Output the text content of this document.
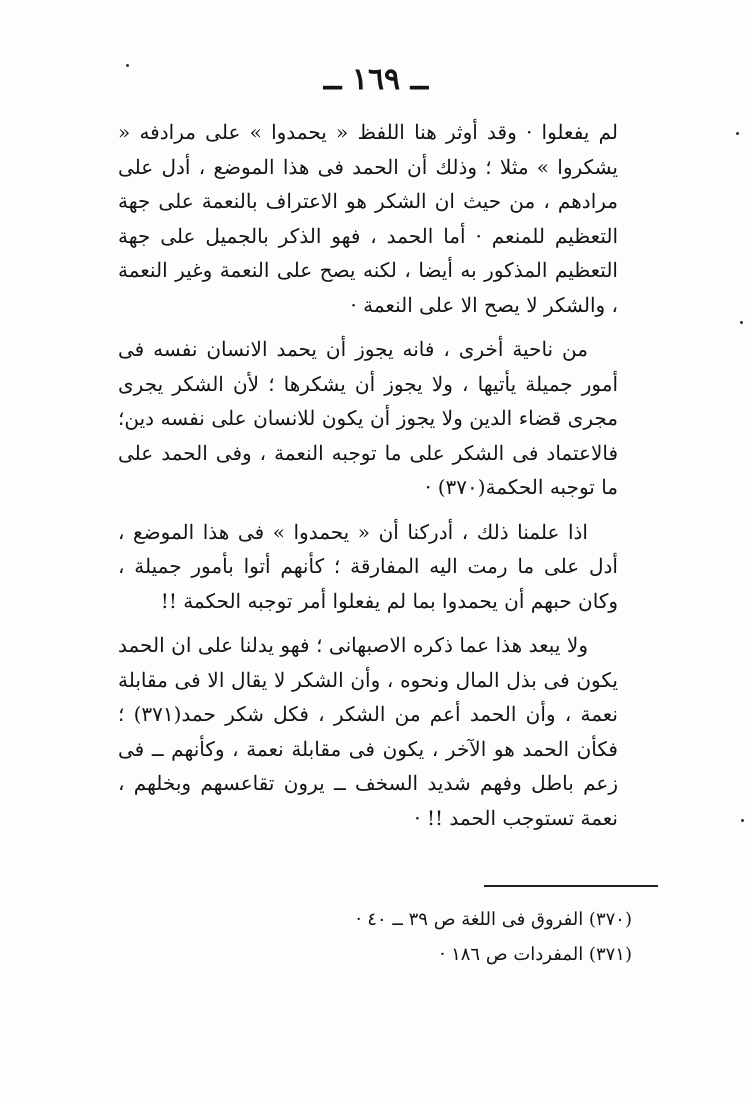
ــ ١٦٩ ــ

لم يفعلوا · وقد أوثر هنا اللفظ « يحمدوا » على مرادفه « يشكروا » مثلا ؛ وذلك أن الحمد فى هذا الموضع ، أدل على مرادهم ، من حيث ان الشكر هو الاعتراف بالنعمة على جهة التعظيم للمنعم · أما الحمد ، فهو الذكر بالجميل على جهة التعظيم المذكور به أيضا ، لكنه يصح على النعمة وغير النعمة ، والشكر لا يصح الا على النعمة ·

من ناحية أخرى ، فانه يجوز أن يحمد الانسان نفسه فى أمور جميلة يأتيها ، ولا يجوز أن يشكرها ؛ لأن الشكر يجرى مجرى قضاء الدين ولا يجوز أن يكون للانسان على نفسه دين؛ فالاعتماد فى الشكر على ما توجبه النعمة ، وفى الحمد على ما توجبه الحكمة(٣٧٠) ·

اذا علمنا ذلك ، أدركنا أن « يحمدوا » فى هذا الموضع ، أدل على ما رمت اليه المفارقة ؛ كأنهم أتوا بأمور جميلة ، وكان حبهم أن يحمدوا بما لم يفعلوا أمر توجبه الحكمة !!

ولا يبعد هذا عما ذكره الاصبهانى ؛ فهو يدلنا على ان الحمد يكون فى بذل المال ونحوه ، وأن الشكر لا يقال الا فى مقابلة نعمة ، وأن الحمد أعم من الشكر ، فكل شكر حمد(٣٧١) ؛ فكأن الحمد هو الآخر ، يكون فى مقابلة نعمة ، وكأنهم ــ فى زعم باطل وفهم شديد السخف ــ يرون تقاعسهم وبخلهم ، نعمة تستوجب الحمد !! ·

(٣٧٠) الفروق فى اللغة ص ٣٩ ــ ٤٠ ·
(٣٧١) المفردات ص ١٨٦ ·
